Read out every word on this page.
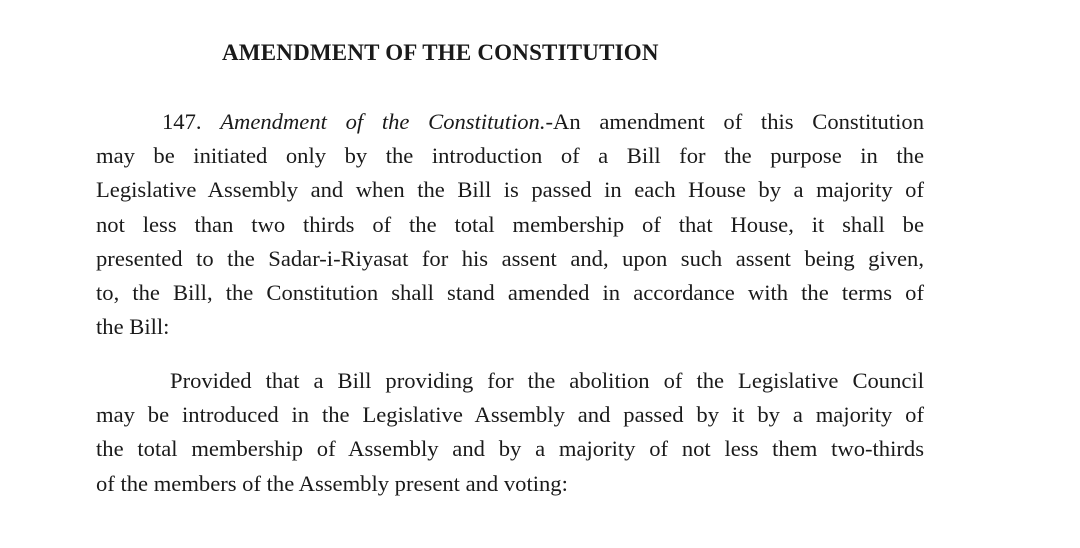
AMENDMENT OF THE CONSTITUTION
147. Amendment of the Constitution.-An amendment of this Constitution
may be initiated only by the introduction of a Bill for the purpose in the
Legislative Assembly and when the Bill is passed in each House by a majority of
not less than two thirds of the total membership of that House, it shall be
presented to the Sadar-i-Riyasat for his assent and, upon such assent being given,
to, the Bill, the Constitution shall stand amended in accordance with the terms of
the Bill:
Provided that a Bill providing for the abolition of the Legislative Council
may be introduced in the Legislative Assembly and passed by it by a majority of
the total membership of Assembly and by a majority of not less them two-thirds
of the members of the Assembly present and voting:
